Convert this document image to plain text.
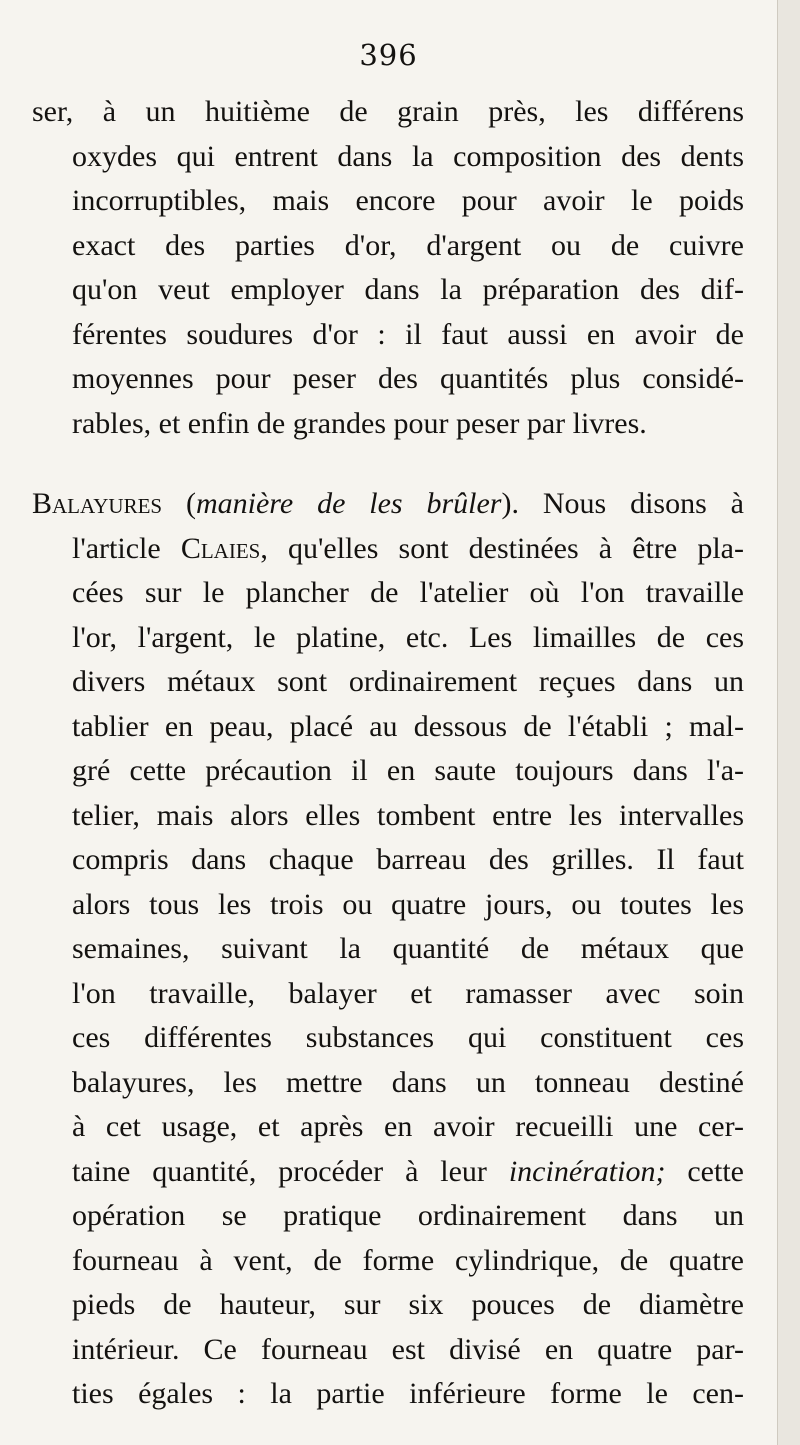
396
ser, à un huitième de grain près, les différens
oxydes qui entrent dans la composition des dents
incorruptibles, mais encore pour avoir le poids
exact des parties d'or, d'argent ou de cuivre
qu'on veut employer dans la préparation des dif-
férentes soudures d'or : il faut aussi en avoir de
moyennes pour peser des quantités plus considé-
rables, et enfin de grandes pour peser par livres.
Balayures (manière de les brûler). Nous disons à
l'article Claies, qu'elles sont destinées à être pla-
cées sur le plancher de l'atelier où l'on travaille
l'or, l'argent, le platine, etc. Les limailles de ces
divers métaux sont ordinairement reçues dans un
tablier en peau, placé au dessous de l'établi ; mal-
gré cette précaution il en saute toujours dans l'a-
telier, mais alors elles tombent entre les intervalles
compris dans chaque barreau des grilles. Il faut
alors tous les trois ou quatre jours, ou toutes les
semaines, suivant la quantité de métaux que
l'on travaille, balayer et ramasser avec soin
ces différentes substances qui constituent ces
balayures, les mettre dans un tonneau destiné
à cet usage, et après en avoir recueilli une cer-
taine quantité, procéder à leur incinération; cette
opération se pratique ordinairement dans un
fourneau à vent, de forme cylindrique, de quatre
pieds de hauteur, sur six pouces de diamètre
intérieur. Ce fourneau est divisé en quatre par-
ties égales : la partie inférieure forme le cen-
